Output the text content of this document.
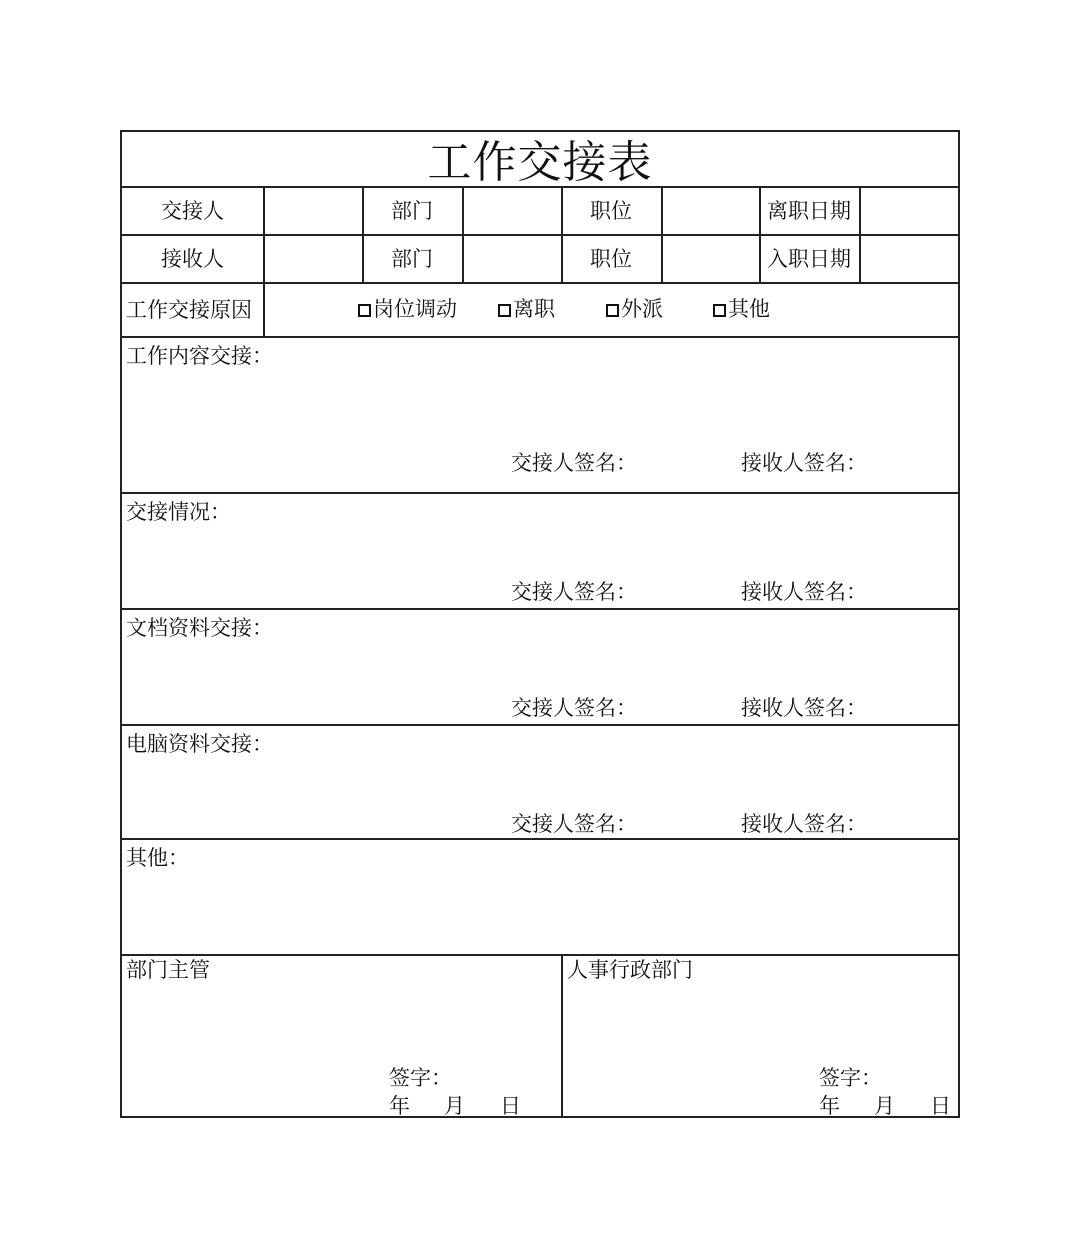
工作交接表
交接人	部门	职位	离职日期
接收人	部门	职位	入职日期
工作交接原因	岗位调动	离职	外派	其他
工作内容交接：
交接人签名：	接收人签名：
交接情况：
交接人签名：	接收人签名：
文档资料交接：
交接人签名：	接收人签名：
电脑资料交接：
交接人签名：	接收人签名：
其他：
部门主管
签字：
年 月 日
人事行政部门
签字：
年 月 日
